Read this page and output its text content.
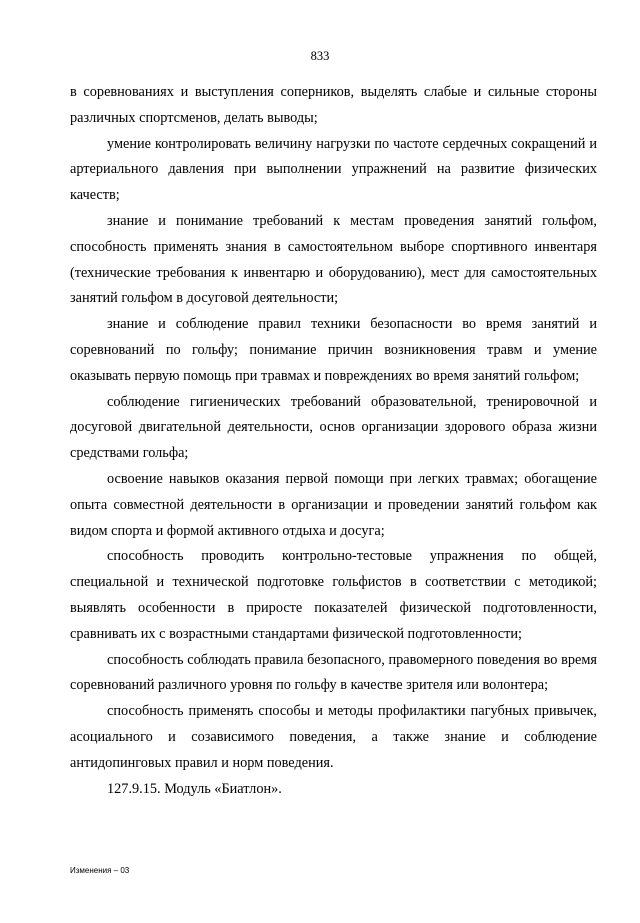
833

в соревнованиях и выступления соперников, выделять слабые и сильные стороны различных спортсменов, делать выводы;

умение контролировать величину нагрузки по частоте сердечных сокращений и артериального давления при выполнении упражнений на развитие физических качеств;

знание и понимание требований к местам проведения занятий гольфом, способность применять знания в самостоятельном выборе спортивного инвентаря (технические требования к инвентарю и оборудованию), мест для самостоятельных занятий гольфом в досуговой деятельности;

знание и соблюдение правил техники безопасности во время занятий и соревнований по гольфу; понимание причин возникновения травм и умение оказывать первую помощь при травмах и повреждениях во время занятий гольфом;

соблюдение гигиенических требований образовательной, тренировочной и досуговой двигательной деятельности, основ организации здорового образа жизни средствами гольфа;

освоение навыков оказания первой помощи при легких травмах; обогащение опыта совместной деятельности в организации и проведении занятий гольфом как видом спорта и формой активного отдыха и досуга;

способность проводить контрольно-тестовые упражнения по общей, специальной и технической подготовке гольфистов в соответствии с методикой; выявлять особенности в приросте показателей физической подготовленности, сравнивать их с возрастными стандартами физической подготовленности;

способность соблюдать правила безопасного, правомерного поведения во время соревнований различного уровня по гольфу в качестве зрителя или волонтера;

способность применять способы и методы профилактики пагубных привычек, асоциального и созависимого поведения, а также знание и соблюдение антидопинговых правил и норм поведения.

127.9.15. Модуль «Биатлон».

Изменения – 03
